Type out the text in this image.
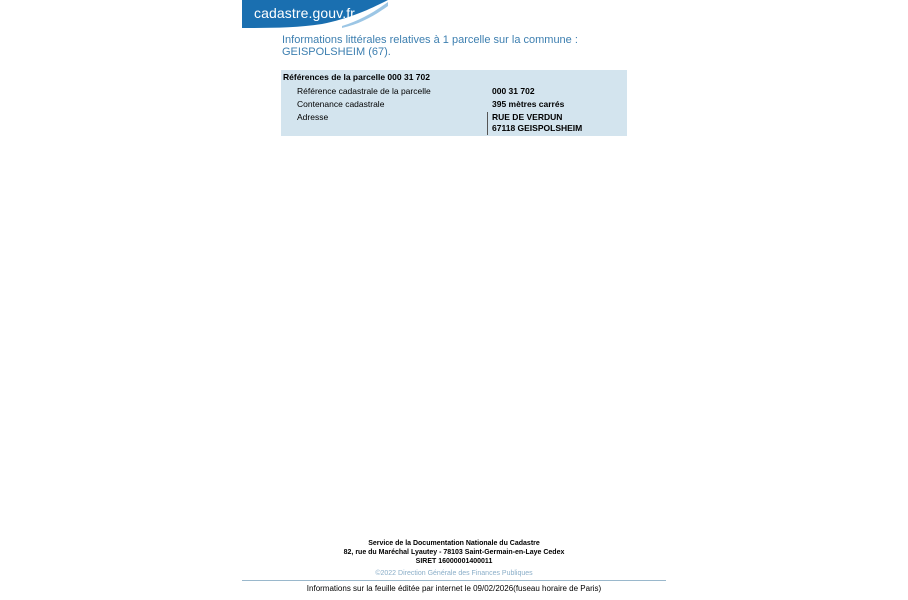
cadastre.gouv.fr
Informations littérales relatives à 1 parcelle sur la commune :
GEISPOLSHEIM (67).
Références de la parcelle 000 31 702
Référence cadastrale de la parcelle	000 31 702
Contenance cadastrale	395 mètres carrés
Adresse	RUE DE VERDUN
67118 GEISPOLSHEIM
Service de la Documentation Nationale du Cadastre
82, rue du Maréchal Lyautey - 78103 Saint-Germain-en-Laye Cedex
SIRET 16000001400011
©2022 Direction Générale des Finances Publiques
Informations sur la feuille éditée par internet le 09/02/2026(fuseau horaire de Paris)
